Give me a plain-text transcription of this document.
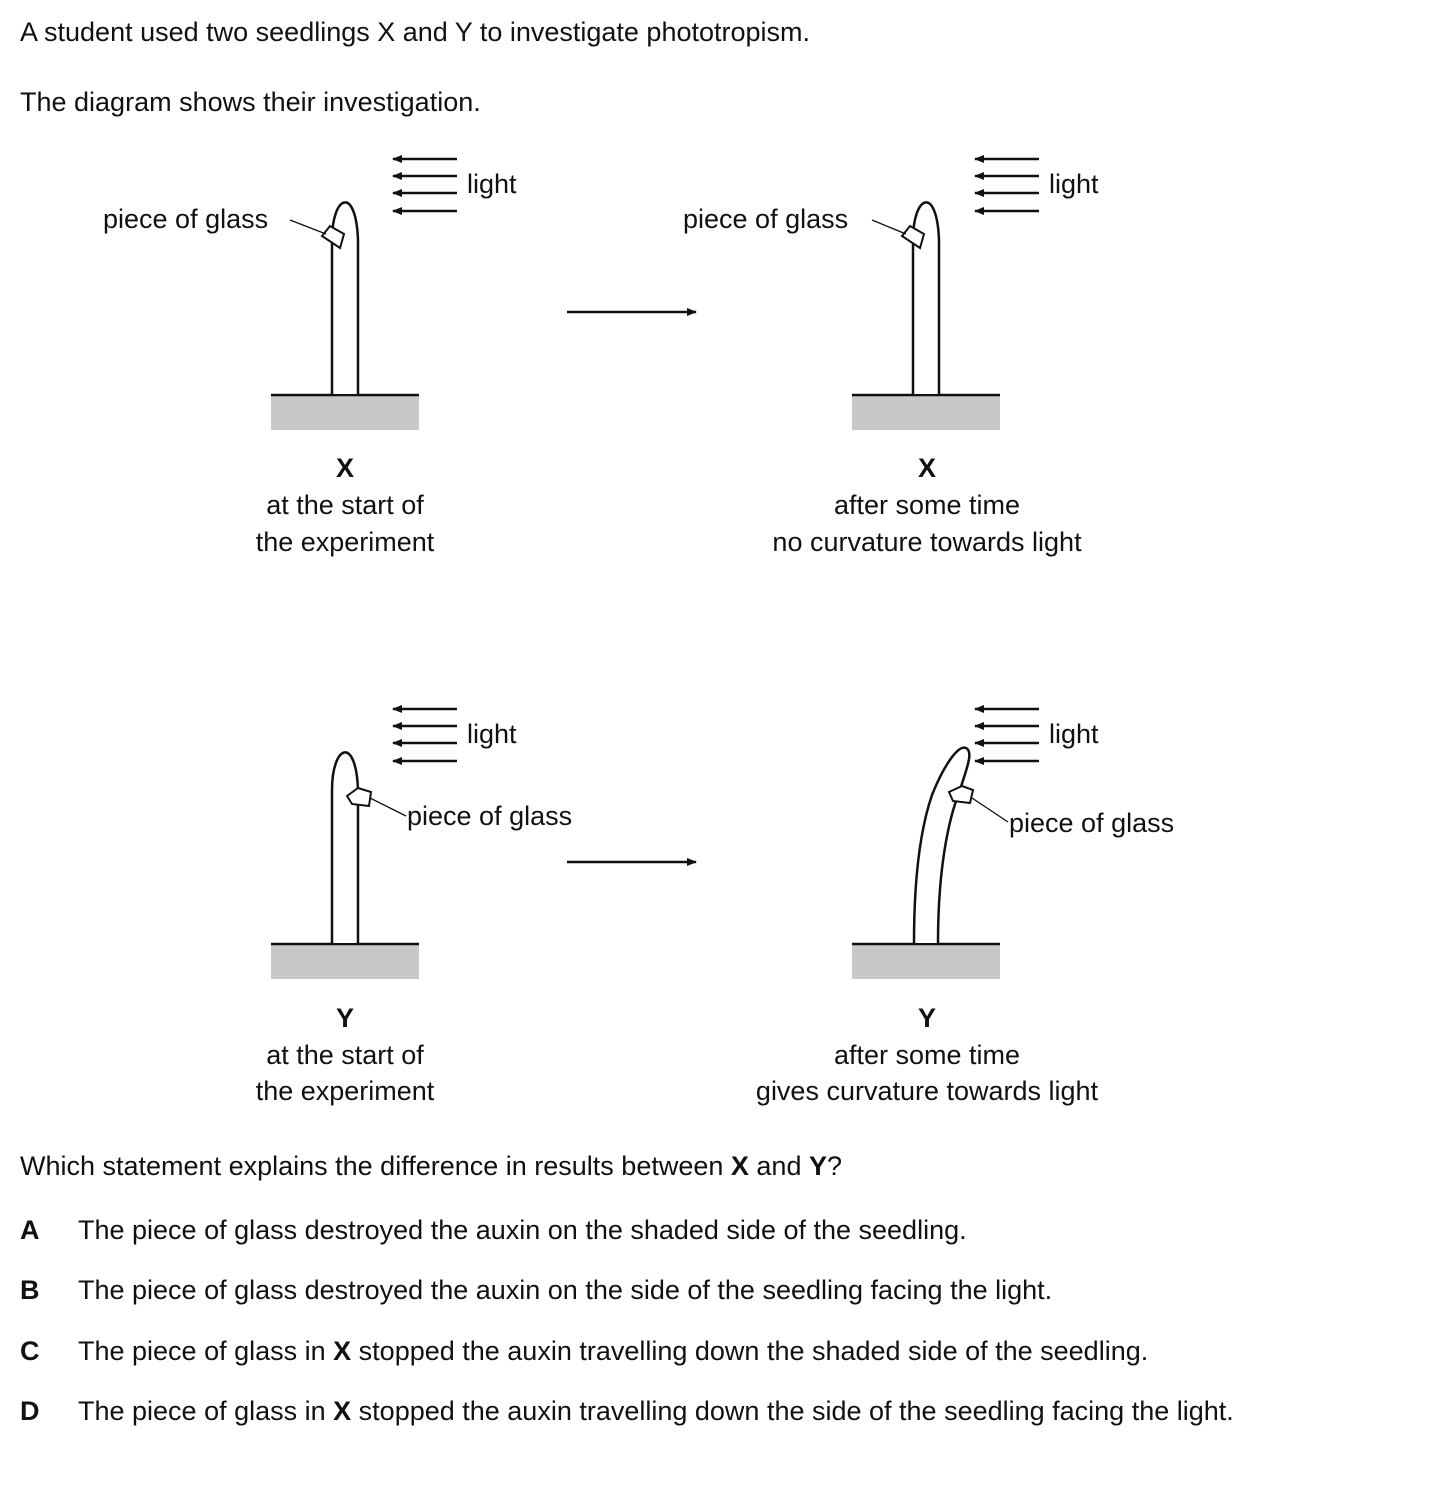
A student used two seedlings X and Y to investigate phototropism.

The diagram shows their investigation.

light
piece of glass
X
at the start of
the experiment
light
piece of glass
X
after some time
no curvature towards light
light
piece of glass
Y
at the start of
the experiment
light
piece of glass
Y
after some time
gives curvature towards light

Which statement explains the difference in results between X and Y?

A	The piece of glass destroyed the auxin on the shaded side of the seedling.
B	The piece of glass destroyed the auxin on the side of the seedling facing the light.
C	The piece of glass in X stopped the auxin travelling down the shaded side of the seedling.
D	The piece of glass in X stopped the auxin travelling down the side of the seedling facing the light.
